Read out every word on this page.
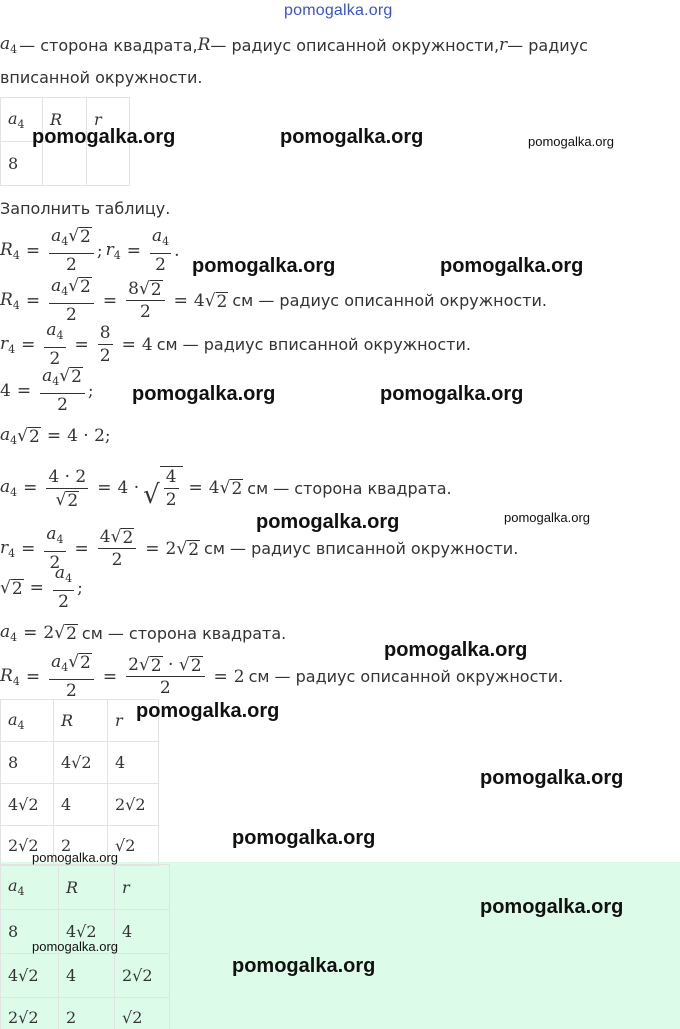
pomogalka.org
$a_4$ — сторона квадрата, R — радиус описанной окружности, r — радиус
вписанной окружности.
$a_4$	R	r
8		
Заполнить таблицу.
$R_4 = \frac{a_4 √ 2}{2}$ ; $r_4 = \frac{a_4}{2}$ .
$R_4 = \frac{a_4 √ 2}{2} = \frac{8 √ 2}{2} = 4$ √ 2 см — радиус описанной окружности.
$r_4 = \frac{a_4}{2} = \frac{8}{2} = 4$ см — радиус вписанной окружности.
$4 = \frac{a_4 √ 2}{2}$ ;
$a_4$ √ 2 = 4 · 2;
$a_4 = \frac{4 \cdot 2}{√ 2} = 4$ · √ $\frac{4}{2} = 4$ √ 2 см — сторона квадрата.
$r_4 = \frac{a_4}{2} = \frac{4 √ 2}{2} = 2$ √ 2 см — радиус вписанной окружности.
√ $2 = \frac{a_4}{2}$ ;
$a_4 = 2$ √ 2 см — сторона квадрата.
$R_4 = \frac{a_4 √ 2}{2} = \frac{2 √ 2 \cdot √ 2}{2} = 2$ см — радиус описанной окружности.
$a_4$	R	r
8	4√2	4
4√2	4	2√2
2√2	2	√2
$a_4$	R	r
8	4√2	4
4√2	4	2√2
2√2	2	√2
pomogalka.org	pomogalka.org	pomogalka.org
pomogalka.org	pomogalka.org
pomogalka.org	pomogalka.org
pomogalka.org	pomogalka.org
pomogalka.org
pomogalka.org
pomogalka.org
pomogalka.org
pomogalka.org
pomogalka.org
pomogalka.org
pomogalka.org
